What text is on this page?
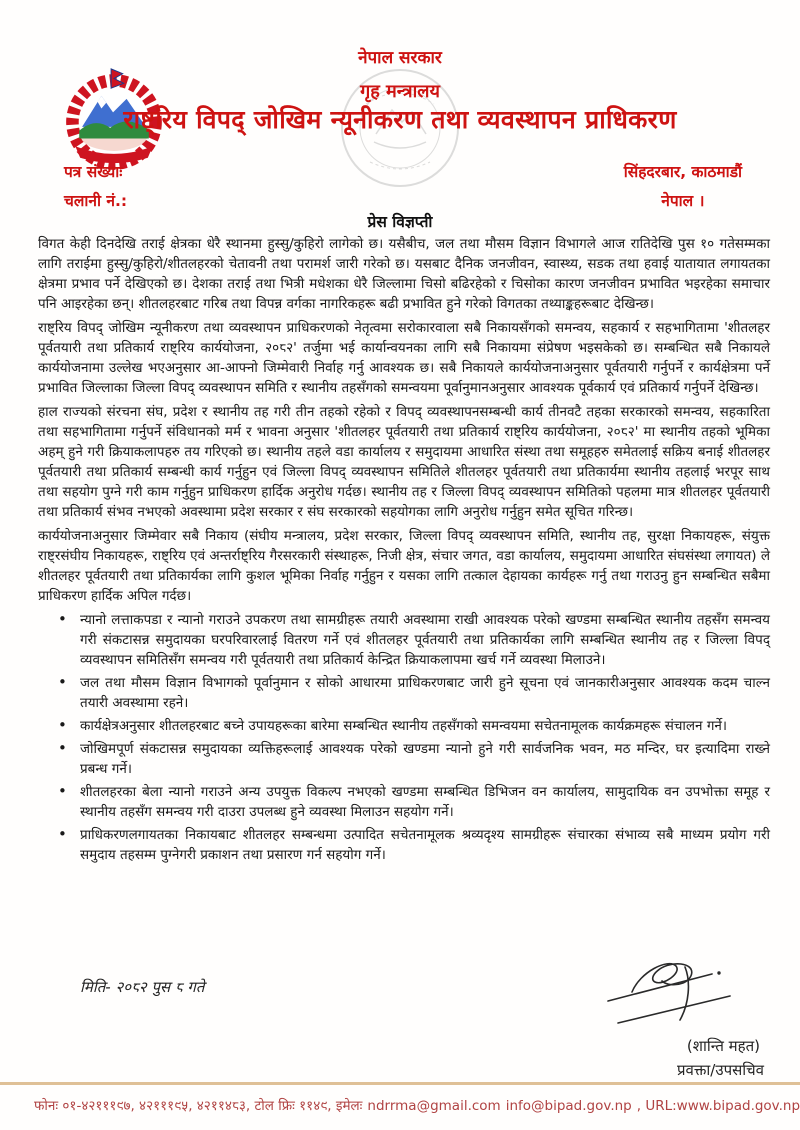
नेपाल सरकार
गृह मन्त्रालय
राष्ट्रिय विपद् जोखिम न्यूनीकरण तथा व्यवस्थापन प्राधिकरण
पत्र संख्याः
चलानी नं.:
सिंहदरबार, काठमाडौं
नेपाल ।
प्रेस विज्ञप्ती

विगत केही दिनदेखि तराई क्षेत्रका धेरै स्थानमा हुस्सु/कुहिरो लागेको छ। यसैबीच, जल तथा मौसम विज्ञान विभागले आज रातिदेखि पुस १० गतेसम्मका लागि तराईमा हुस्सु/कुहिरो/शीतलहरको चेतावनी तथा परामर्श जारी गरेको छ। यसबाट दैनिक जनजीवन, स्वास्थ्य, सडक तथा हवाई यातायात लगायतका क्षेत्रमा प्रभाव पर्ने देखिएको छ। देशका तराई तथा भित्री मधेशका धेरै जिल्लामा चिसो बढिरहेको र चिसोका कारण जनजीवन प्रभावित भइरहेका समाचार पनि आइरहेका छन्। शीतलहरबाट गरिब तथा विपन्न वर्गका नागरिकहरू बढी प्रभावित हुने गरेको विगतका तथ्याङ्कहरूबाट देखिन्छ।

राष्ट्रिय विपद् जोखिम न्यूनीकरण तथा व्यवस्थापन प्राधिकरणको नेतृत्वमा सरोकारवाला सबै निकायसँगको समन्वय, सहकार्य र सहभागितामा 'शीतलहर पूर्वतयारी तथा प्रतिकार्य राष्ट्रिय कार्ययोजना, २०८२' तर्जुमा भई कार्यान्वयनका लागि सबै निकायमा संप्रेषण भइसकेको छ। सम्बन्धित सबै निकायले कार्ययोजनामा उल्लेख भएअनुसार आ-आफ्नो जिम्मेवारी निर्वाह गर्नु आवश्यक छ। सबै निकायले कार्ययोजनाअनुसार पूर्वतयारी गर्नुपर्ने र कार्यक्षेत्रमा पर्ने प्रभावित जिल्लाका जिल्ला विपद् व्यवस्थापन समिति र स्थानीय तहसँगको समन्वयमा पूर्वानुमानअनुसार आवश्यक पूर्वकार्य एवं प्रतिकार्य गर्नुपर्ने देखिन्छ।

हाल राज्यको संरचना संघ, प्रदेश र स्थानीय तह गरी तीन तहको रहेको र विपद् व्यवस्थापनसम्बन्धी कार्य तीनवटै तहका सरकारको समन्वय, सहकारिता तथा सहभागितामा गर्नुपर्ने संविधानको मर्म र भावना अनुसार 'शीतलहर पूर्वतयारी तथा प्रतिकार्य राष्ट्रिय कार्ययोजना, २०८२' मा स्थानीय तहको भूमिका अहम् हुने गरी क्रियाकलापहरु तय गरिएको छ। स्थानीय तहले वडा कार्यालय र समुदायमा आधारित संस्था तथा समूहहरु समेतलाई सक्रिय बनाई शीतलहर पूर्वतयारी तथा प्रतिकार्य सम्बन्धी कार्य गर्नुहुन एवं जिल्ला विपद् व्यवस्थापन समितिले शीतलहर पूर्वतयारी तथा प्रतिकार्यमा स्थानीय तहलाई भरपूर साथ तथा सहयोग पुग्ने गरी काम गर्नुहुन प्राधिकरण हार्दिक अनुरोध गर्दछ। स्थानीय तह र जिल्ला विपद् व्यवस्थापन समितिको पहलमा मात्र शीतलहर पूर्वतयारी तथा प्रतिकार्य संभव नभएको अवस्थामा प्रदेश सरकार र संघ सरकारको सहयोगका लागि अनुरोध गर्नुहुन समेत सूचित गरिन्छ।

कार्ययोजनाअनुसार जिम्मेवार सबै निकाय (संघीय मन्त्रालय, प्रदेश सरकार, जिल्ला विपद् व्यवस्थापन समिति, स्थानीय तह, सुरक्षा निकायहरू, संयुक्त राष्ट्रसंघीय निकायहरू, राष्ट्रिय एवं अन्तर्राष्ट्रिय गैरसरकारी संस्थाहरू, निजी क्षेत्र, संचार जगत, वडा कार्यालय, समुदायमा आधारित संघसंस्था लगायत) ले शीतलहर पूर्वतयारी तथा प्रतिकार्यका लागि कुशल भूमिका निर्वाह गर्नुहुन र यसका लागि तत्काल देहायका कार्यहरू गर्नु तथा गराउनु हुन सम्बन्धित सबैमा प्राधिकरण हार्दिक अपिल गर्दछ।

• न्यानो लत्ताकपडा र न्यानो गराउने उपकरण तथा सामग्रीहरू तयारी अवस्थामा राखी आवश्यक परेको खण्डमा सम्बन्धित स्थानीय तहसँग समन्वय गरी संकटासन्न समुदायका घरपरिवारलाई वितरण गर्ने एवं शीतलहर पूर्वतयारी तथा प्रतिकार्यका लागि सम्बन्धित स्थानीय तह र जिल्ला विपद् व्यवस्थापन समितिसँग समन्वय गरी पूर्वतयारी तथा प्रतिकार्य केन्द्रित क्रियाकलापमा खर्च गर्ने व्यवस्था मिलाउने।
• जल तथा मौसम विज्ञान विभागको पूर्वानुमान र सोको आधारमा प्राधिकरणबाट जारी हुने सूचना एवं जानकारीअनुसार आवश्यक कदम चाल्न तयारी अवस्थामा रहने।
• कार्यक्षेत्रअनुसार शीतलहरबाट बच्ने उपायहरूका बारेमा सम्बन्धित स्थानीय तहसँगको समन्वयमा सचेतनामूलक कार्यक्रमहरू संचालन गर्ने।
• जोखिमपूर्ण संकटासन्न समुदायका व्यक्तिहरूलाई आवश्यक परेको खण्डमा न्यानो हुने गरी सार्वजनिक भवन, मठ मन्दिर, घर इत्यादिमा राख्ने प्रबन्ध गर्ने।
• शीतलहरका बेला न्यानो गराउने अन्य उपयुक्त विकल्प नभएको खण्डमा सम्बन्धित डिभिजन वन कार्यालय, सामुदायिक वन उपभोक्ता समूह र स्थानीय तहसँग समन्वय गरी दाउरा उपलब्ध हुने व्यवस्था मिलाउन सहयोग गर्ने।
• प्राधिकरणलगायतका निकायबाट शीतलहर सम्बन्धमा उत्पादित सचेतनामूलक श्रव्यदृश्य सामग्रीहरू संचारका संभाव्य सबै माध्यम प्रयोग गरी समुदाय तहसम्म पुग्नेगरी प्रकाशन तथा प्रसारण गर्न सहयोग गर्ने।
मिति- २०८२ पुस ८ गते
(शान्ति महत)
प्रवक्ता/उपसचिव
फोनः ०१-४२१११९७, ४२१११९५, ४२११४८३, टोल फ्रिः ११४९, इमेलः ndrrma@gmail.com info@bipad.gov.np , URL:www.bipad.gov.np
